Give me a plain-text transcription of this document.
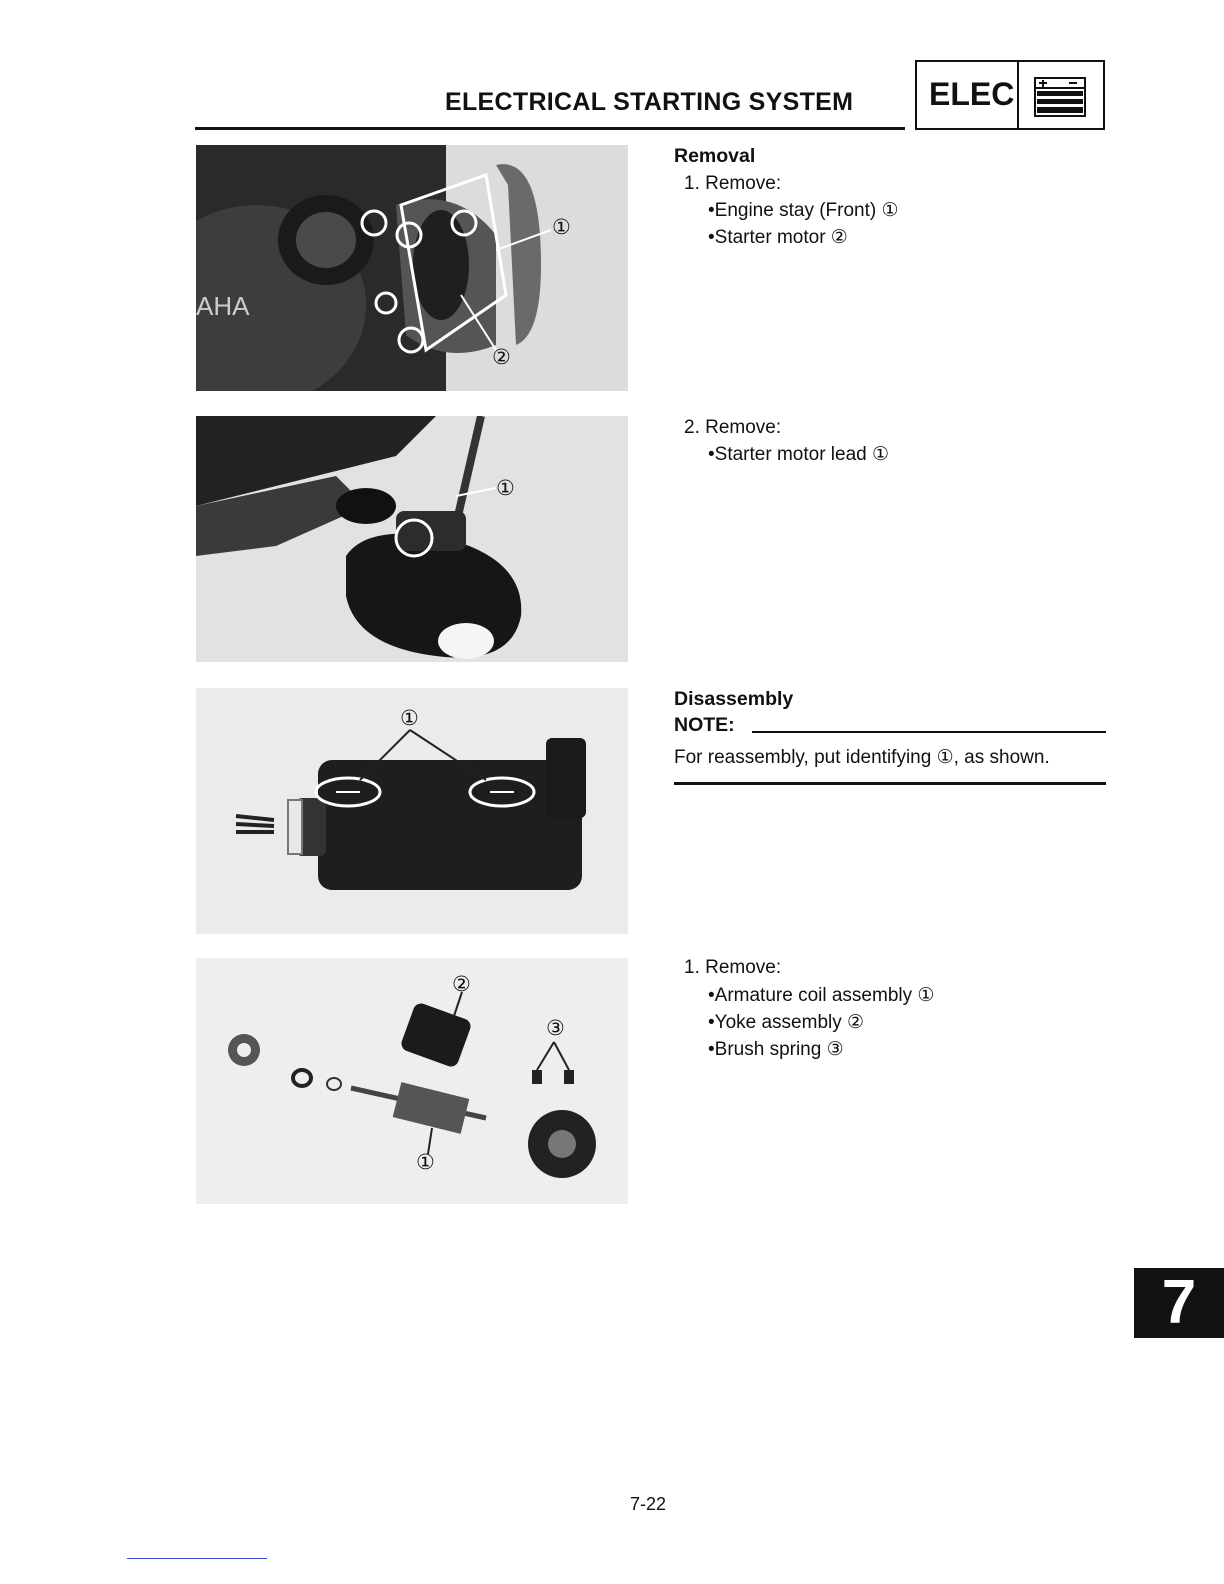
ELECTRICAL STARTING SYSTEM ELEC
AHA
①
②
①
①
②
③
①
Removal
1. Remove:
•Engine stay (Front) ①
•Starter motor ②
2. Remove:
•Starter motor lead ①
Disassembly
NOTE:
For reassembly, put identifying ①, as shown.
1. Remove:
•Armature coil assembly ①
•Yoke assembly ②
•Brush spring ③
7
7-22
